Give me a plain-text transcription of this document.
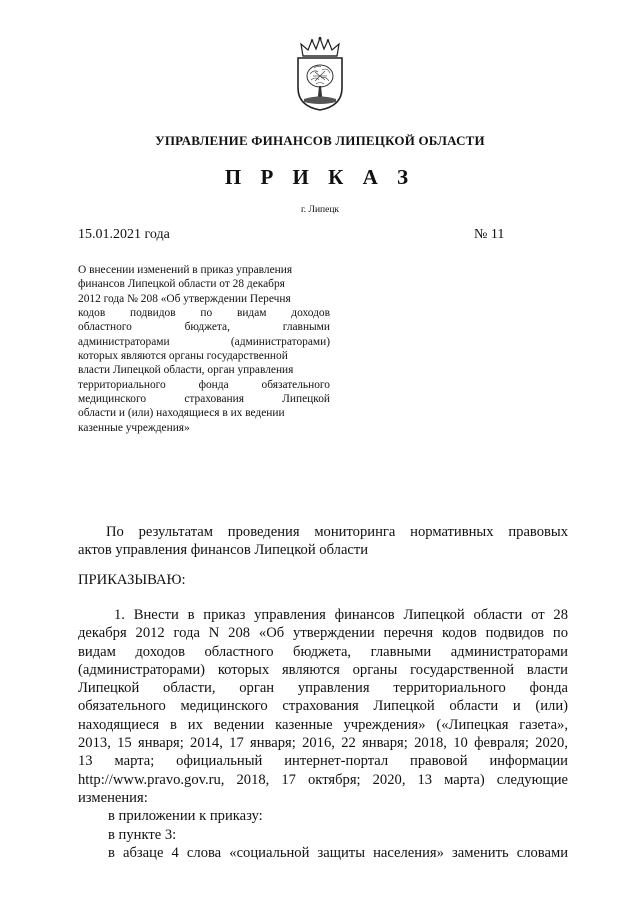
УПРАВЛЕНИЕ ФИНАНСОВ ЛИПЕЦКОЙ ОБЛАСТИ
П Р И К А З
г. Липецк
15.01.2021 года	№ 11
О внесении изменений в приказ управления
финансов Липецкой области от 28 декабря
2012 года № 208 «Об утверждении Перечня
кодов подвидов по видам доходов
областного бюджета, главными
администраторами (администраторами)
которых являются органы государственной
власти Липецкой области, орган управления
территориального фонда обязательного
медицинского страхования Липецкой
области и (или) находящиеся в их ведении
казенные учреждения»
По результатам проведения мониторинга нормативных правовых
актов управления финансов Липецкой области
ПРИКАЗЫВАЮ:
1. Внести в приказ управления финансов Липецкой области от 28
декабря 2012 года N 208 «Об утверждении перечня кодов подвидов по
видам доходов областного бюджета, главными администраторами
(администраторами) которых являются органы государственной власти
Липецкой области, орган управления территориального фонда
обязательного медицинского страхования Липецкой области и (или)
находящиеся в их ведении казенные учреждения» («Липецкая газета»,
2013, 15 января; 2014, 17 января; 2016, 22 января; 2018, 10 февраля; 2020,
13 марта; официальный интернет-портал правовой информации
http://www.pravo.gov.ru, 2018, 17 октября; 2020, 13 марта) следующие
изменения:
в приложении к приказу:
в пункте 3:
в абзаце 4 слова «социальной защиты населения» заменить словами
